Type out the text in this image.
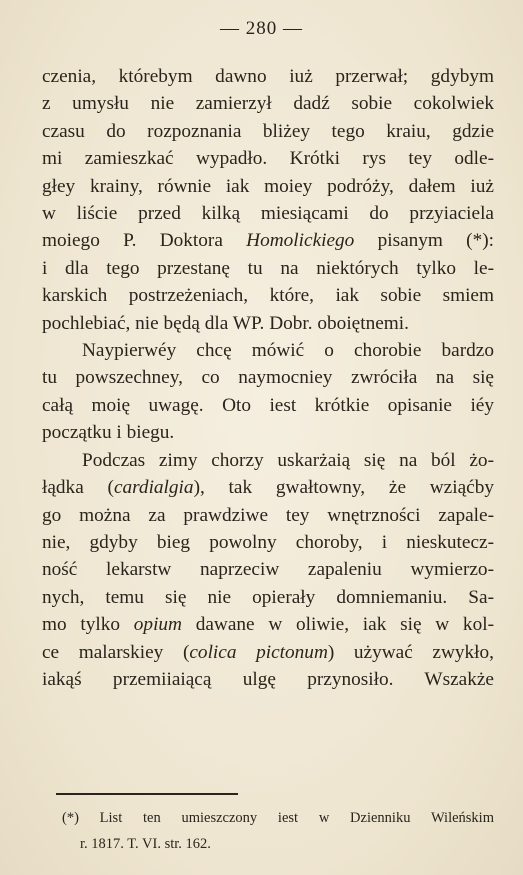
— 280 —
czenia, którebym dawno iuż przerwał; gdybym
z umysłu nie zamierzył dadź sobie cokolwiek
czasu do rozpoznania bliżey tego kraiu, gdzie
mi zamieszkać wypadło. Krótki rys tey odle-
głey krainy, równie iak moiey podróży, dałem iuż
w liście przed kilką miesiącami do przyiaciela
moiego P. Doktora Homolickiego pisanym (*):
i dla tego przestanę tu na niektórych tylko le-
karskich postrzeżeniach, które, iak sobie smiem
pochlebiać, nie będą dla WP. Dobr. oboiętnemi.
Naypierwéy chcę mówić o chorobie bardzo
tu powszechney, co naymocniey zwróciła na się
całą moię uwagę. Oto iest krótkie opisanie iéy
początku i biegu.
Podczas zimy chorzy uskarżaią się na ból żo-
łądka (cardialgia), tak gwałtowny, że wziąćby
go można za prawdziwe tey wnętrzności zapale-
nie, gdyby bieg powolny choroby, i nieskutecz-
ność lekarstw naprzeciw zapaleniu wymierzo-
nych, temu się nie opierały domniemaniu. Sa-
mo tylko opium dawane w oliwie, iak się w kol-
ce malarskiey (colica pictonum) używać zwykło,
iakąś przemiiaiącą ulgę przynosiło. Wszakże
(*) List ten umieszczony iest w Dzienniku Wileńskim
r. 1817. T. VI. str. 162.
